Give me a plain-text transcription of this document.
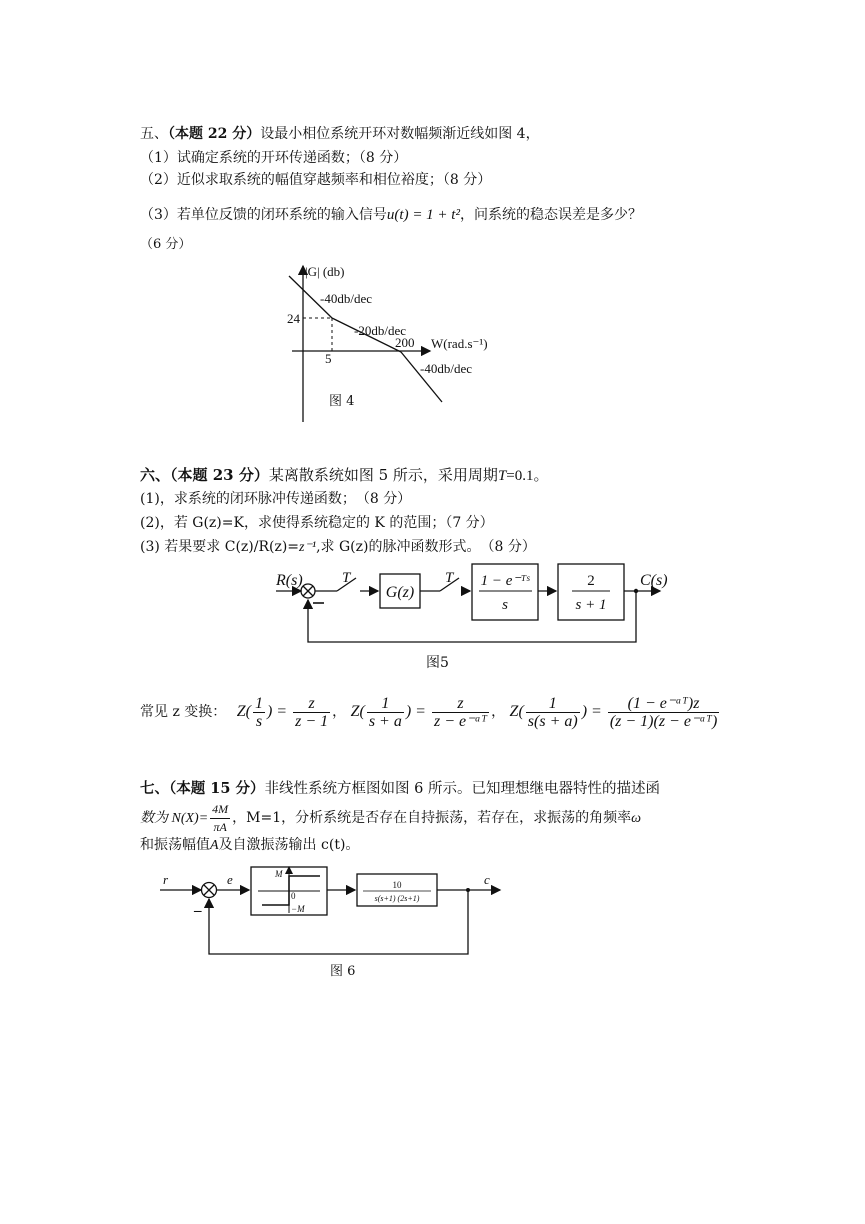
五、（本题 22 分）设最小相位系统开环对数幅频渐近线如图 4，
（1）试确定系统的开环传递函数；（8 分）
（2）近似求取系统的幅值穿越频率和相位裕度；（8 分）
（3）若单位反馈的闭环系统的输入信号u(t) = 1 + t²，问系统的稳态误差是多少？
（6 分）
|G| (db)
-40db/dec
-20db/dec
24
5
200 W(rad.s⁻¹)
-40db/dec
图 4
六、（本题 23 分）某离散系统如图 5 所示，采用周期T=0.1。
(1)，求系统的闭环脉冲传递函数；　（8 分）
(2)，若 G(z)=K，求使得系统稳定的 K 的范围；（7 分）
(3) 若果要求 C(z)/R(z)=z⁻¹,求 G(z)的脉冲函数形式。　（8 分）
R(s)	T
G(z)
T 1 − e⁻ᵀˢ
s
2
s + 1
C(s)
图5
常见 z 变换： $Z( \frac{1}{s}$ ) = $\frac{z}{z - 1}$ ， $Z( \frac{1}{s + a}$ ) = $\frac{z}{\text{z − e⁻ᵃᵀ}}$ ， $Z( \frac{1}{s(s + a)}$ ) = $\frac{\text{(1 − e⁻ᵃᵀ)z}}{\text{(z − 1)(z − e⁻ᵃᵀ)}}$
七、（本题 15 分）非线性系统方框图如图 6 所示。已知理想继电器特性的描述函
数为 $N(X)= \frac{4M}{\pi A}$ ，M=1，分析系统是否存在自持振荡，若存在，求振荡的角频率ω
和振荡幅值A及自激振荡输出 c(t)。
r
–
e	M
0
−M
10
s(s+1) (2s+1)
c
图 6
